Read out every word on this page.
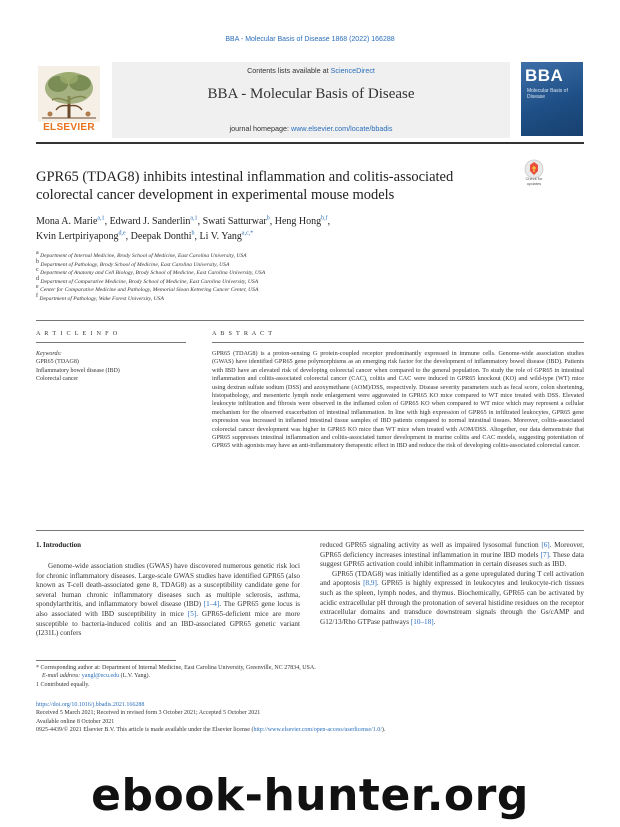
BBA - Molecular Basis of Disease 1868 (2022) 166288
ELSEVIER
Contents lists available at ScienceDirect
BBA - Molecular Basis of Disease
journal homepage: www.elsevier.com/locate/bbadis
BBA
Molecular Basis of Disease
Check for updates
GPR65 (TDAG8) inhibits intestinal inflammation and colitis-associated
colorectal cancer development in experimental mouse models
Mona A. Marie$^{a,1}$, Edward J. Sanderlin$^{a,1}$, Swati Satturwar$^b$, Heng Hong$^{b,f}$,
Kvin Lertpiriyapong$^{d,e}$, Deepak Donthi$^b$, Li V. Yang$^{a,c,*}$
$^a$ Department of Internal Medicine, Brody School of Medicine, East Carolina University, USA
$^b$ Department of Pathology, Brody School of Medicine, East Carolina University, USA
$^c$ Department of Anatomy and Cell Biology, Brody School of Medicine, East Carolina University, USA
$^d$ Department of Comparative Medicine, Brody School of Medicine, East Carolina University, USA
$^e$ Center for Comparative Medicine and Pathology, Memorial Sloan Kettering Cancer Center, USA
$^f$ Department of Pathology, Wake Forest University, USA
A R T I C L E I N F O	A B S T R A C T
Keywords:
GPR65 (TDAG8)
Inflammatory bowel disease (IBD)
Colorectal cancer
GPR65 (TDAG8) is a proton-sensing G protein-coupled receptor predominantly expressed in immune cells. Genome-wide association studies (GWAS) have identified GPR65 gene polymorphisms as an emerging risk factor for the development of inflammatory bowel disease (IBD). Patients with IBD have an elevated risk of developing colorectal cancer when compared to the general population. To study the role of GPR65 in intestinal inflammation and colitis-associated colorectal cancer (CAC), colitis and CAC were induced in GPR65 knockout (KO) and wild-type (WT) mice using dextran sulfate sodium (DSS) and azoxymethane (AOM)/DSS, respectively. Disease severity parameters such as fecal score, colon shortening, histopathology, and mesenteric lymph node enlargement were aggravated in GPR65 KO mice compared to WT mice treated with DSS. Elevated leukocyte infiltration and fibrosis were observed in the inflamed colon of GPR65 KO when compared to WT mice which may represent a cellular mechanism for the observed exacerbation of intestinal inflammation. In line with high expression of GPR65 in infiltrated leukocytes, GPR65 gene expression was increased in inflamed intestinal tissue samples of IBD patients compared to normal intestinal tissues. Moreover, colitis-associated colorectal cancer development was higher in GPR65 KO mice than WT mice when treated with AOM/DSS. Altogether, our data demonstrate that GPR65 suppresses intestinal inflammation and colitis-associated tumor development in murine colitis and CAC models, suggesting potentiation of GPR65 with agonists may have an anti-inflammatory therapeutic effect in IBD and reduce the risk of developing colitis-associated colorectal cancer.
1. Introduction

Genome-wide association studies (GWAS) have discovered numerous genetic risk loci for chronic inflammatory diseases. Large-scale GWAS studies have identified GPR65 (also known as T-cell death-associated gene 8, TDAG8) as a susceptibility candidate gene for several human chronic inflammatory diseases such as multiple sclerosis, asthma, spondylarthritis, and inflammatory bowel disease (IBD) [1–4]. The GPR65 gene locus is also associated with IBD susceptibility in mice [5]. GPR65-deficient mice are more susceptible to bacteria-induced colitis and an IBD-associated GPR65 genetic variant (I231L) confers

reduced GPR65 signaling activity as well as impaired lysosomal function [6]. Moreover, GPR65 deficiency increases intestinal inflammation in murine IBD models [7]. These data suggest GPR65 activation could inhibit inflammation in certain diseases such as IBD.

GPR65 (TDAG8) was initially identified as a gene upregulated during T cell activation and apoptosis [8,9]. GPR65 is highly expressed in leukocytes and leukocyte-rich tissues such as the spleen, lymph nodes, and thymus. Biochemically, GPR65 can be activated by acidic extracellular pH through the protonation of several histidine residues on the receptor extracellular domains and transduce downstream signals through the Gs/cAMP and G12/13/Rho GTPase pathways [10–18].

* Corresponding author at: Department of Internal Medicine, East Carolina University, Greenville, NC 27834, USA.
E-mail address: yangl@ecu.edu (L.V. Yang).
1 Contributed equally.
https://doi.org/10.1016/j.bbadis.2021.166288
Received 5 March 2021; Received in revised form 3 October 2021; Accepted 5 October 2021
Available online 8 October 2021
0925-4439/© 2021 Elsevier B.V. This article is made available under the Elsevier license (http://www.elsevier.com/open-access/userlicense/1.0/).
ebook-hunter.org
